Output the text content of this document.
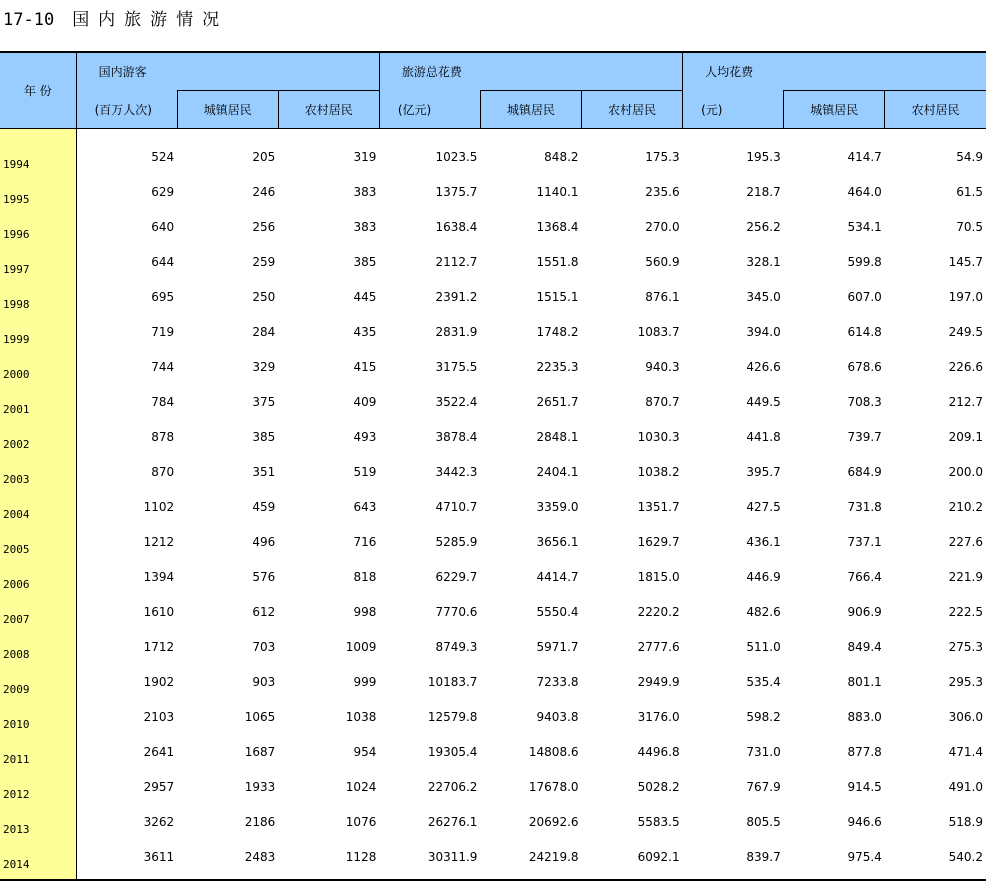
17-10 国内旅游情况
年 份	国内游客			旅游总花费			人均花费		
	(百万人次)	城镇居民	农村居民	(亿元)	城镇居民	农村居民	(元)	城镇居民	农村居民
1994	524	205	319	1023.5	848.2	175.3	195.3	414.7	54.9
1995	629	246	383	1375.7	1140.1	235.6	218.7	464.0	61.5
1996	640	256	383	1638.4	1368.4	270.0	256.2	534.1	70.5
1997	644	259	385	2112.7	1551.8	560.9	328.1	599.8	145.7
1998	695	250	445	2391.2	1515.1	876.1	345.0	607.0	197.0
1999	719	284	435	2831.9	1748.2	1083.7	394.0	614.8	249.5
2000	744	329	415	3175.5	2235.3	940.3	426.6	678.6	226.6
2001	784	375	409	3522.4	2651.7	870.7	449.5	708.3	212.7
2002	878	385	493	3878.4	2848.1	1030.3	441.8	739.7	209.1
2003	870	351	519	3442.3	2404.1	1038.2	395.7	684.9	200.0
2004	1102	459	643	4710.7	3359.0	1351.7	427.5	731.8	210.2
2005	1212	496	716	5285.9	3656.1	1629.7	436.1	737.1	227.6
2006	1394	576	818	6229.7	4414.7	1815.0	446.9	766.4	221.9
2007	1610	612	998	7770.6	5550.4	2220.2	482.6	906.9	222.5
2008	1712	703	1009	8749.3	5971.7	2777.6	511.0	849.4	275.3
2009	1902	903	999	10183.7	7233.8	2949.9	535.4	801.1	295.3
2010	2103	1065	1038	12579.8	9403.8	3176.0	598.2	883.0	306.0
2011	2641	1687	954	19305.4	14808.6	4496.8	731.0	877.8	471.4
2012	2957	1933	1024	22706.2	17678.0	5028.2	767.9	914.5	491.0
2013	3262	2186	1076	26276.1	20692.6	5583.5	805.5	946.6	518.9
2014	3611	2483	1128	30311.9	24219.8	6092.1	839.7	975.4	540.2
